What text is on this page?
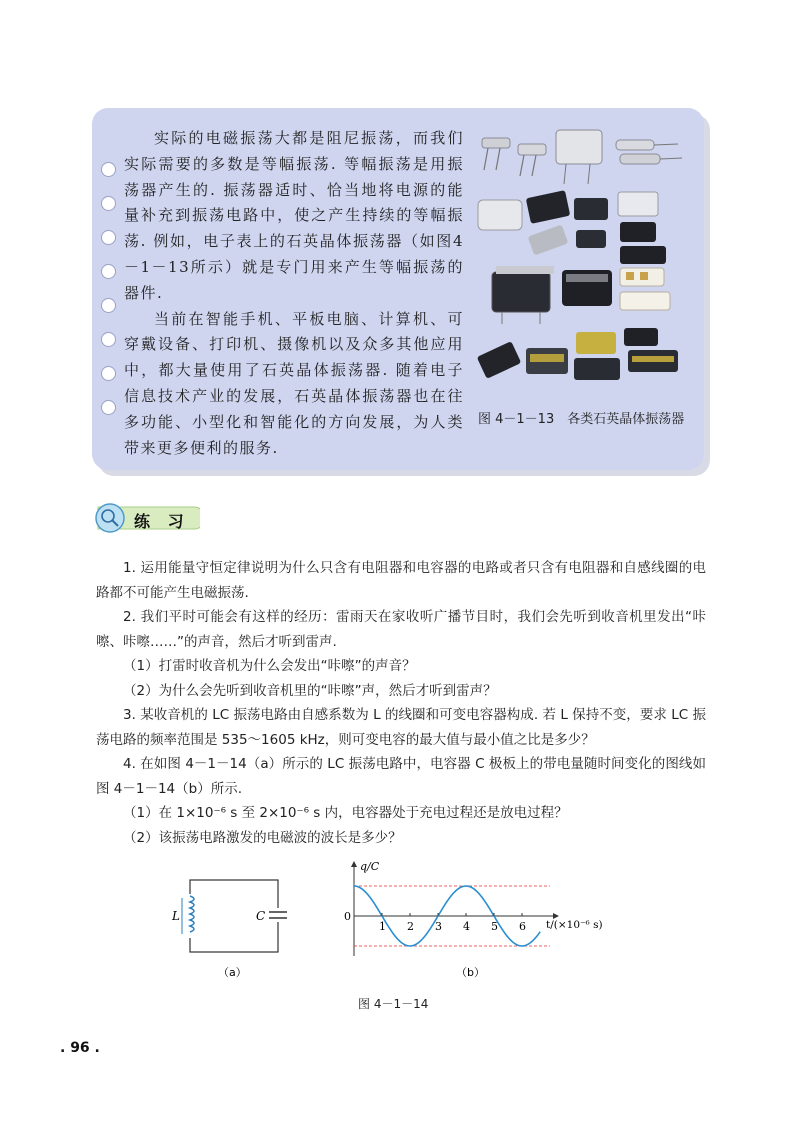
实际的电磁振荡大都是阻尼振荡，而我们实际需要的多数是等幅振荡. 等幅振荡是用振荡器产生的. 振荡器适时、恰当地将电源的能量补充到振荡电路中，使之产生持续的等幅振荡. 例如，电子表上的石英晶体振荡器（如图4－1－13所示）就是专门用来产生等幅振荡的器件.

当前在智能手机、平板电脑、计算机、可穿戴设备、打印机、摄像机以及众多其他应用中，都大量使用了石英晶体振荡器. 随着电子信息技术产业的发展，石英晶体振荡器也在往多功能、小型化和智能化的方向发展，为人类带来更多便利的服务.

图 4－1－13　各类石英晶体振荡器
练 习

1. 运用能量守恒定律说明为什么只含有电阻器和电容器的电路或者只含有电阻器和自感线圈的电路都不可能产生电磁振荡.

2. 我们平时可能会有这样的经历：雷雨天在家收听广播节目时，我们会先听到收音机里发出“咔嚓、咔嚓……”的声音，然后才听到雷声.

（1）打雷时收音机为什么会发出“咔嚓”的声音？

（2）为什么会先听到收音机里的“咔嚓”声，然后才听到雷声？

3. 某收音机的 LC 振荡电路由自感系数为 L 的线圈和可变电容器构成. 若 L 保持不变，要求 LC 振荡电路的频率范围是 535～1605 kHz，则可变电容的最大值与最小值之比是多少？

4. 在如图 4－1－14（a）所示的 LC 振荡电路中，电容器 C 极板上的带电量随时间变化的图线如图 4－1－14（b）所示.

（1）在 1×10⁻⁶ s 至 2×10⁻⁶ s 内，电容器处于充电过程还是放电过程？

（2）该振荡电路激发的电磁波的波长是多少？

L	C
（a）
1 2 3 4 5 6
0
q/C
t/(×10⁻⁶ s)
（b）
图 4－1－14
. 96 .
